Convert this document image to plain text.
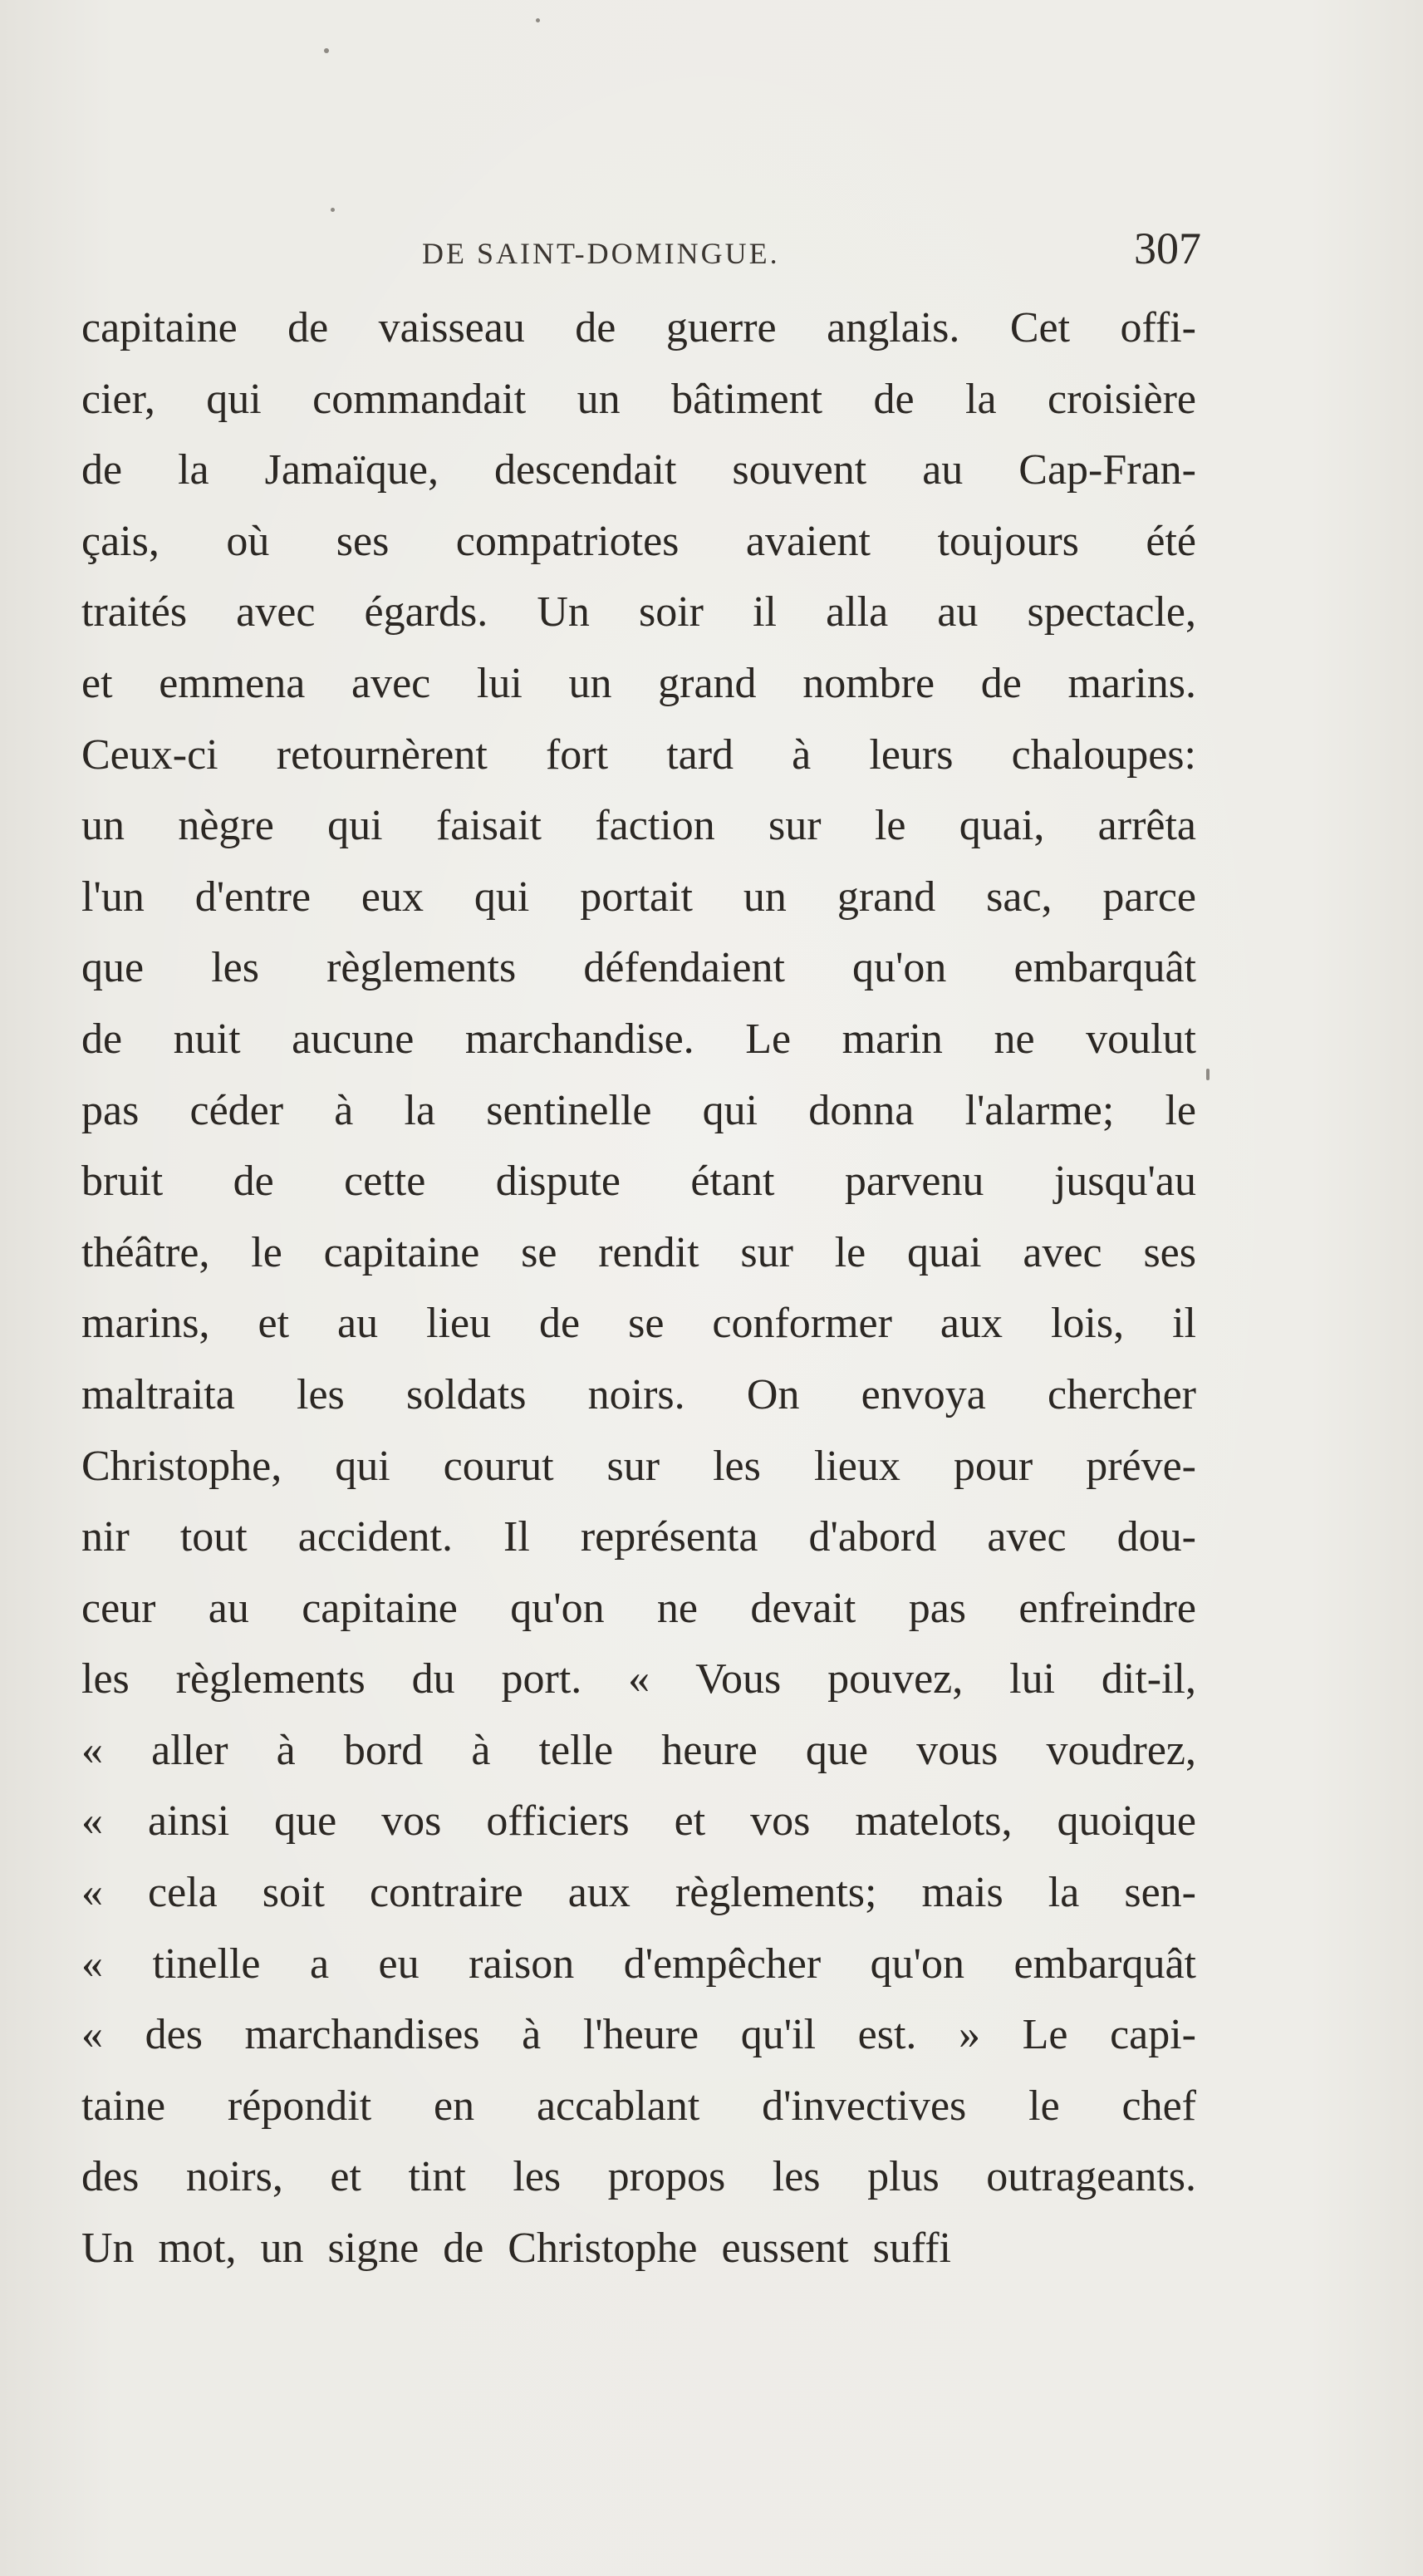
DE SAINT-DOMINGUE.	307
capitaine de vaisseau de guerre anglais. Cet offi-
cier, qui commandait un bâtiment de la croisière
de la Jamaïque, descendait souvent au Cap-Fran-
çais, où ses compatriotes avaient toujours été
traités avec égards. Un soir il alla au spectacle,
et emmena avec lui un grand nombre de marins.
Ceux-ci retournèrent fort tard à leurs chaloupes:
un nègre qui faisait faction sur le quai, arrêta
l'un d'entre eux qui portait un grand sac, parce
que les règlements défendaient qu'on embarquât
de nuit aucune marchandise. Le marin ne voulut
pas céder à la sentinelle qui donna l'alarme; le
bruit de cette dispute étant parvenu jusqu'au
théâtre, le capitaine se rendit sur le quai avec ses
marins, et au lieu de se conformer aux lois, il
maltraita les soldats noirs. On envoya chercher
Christophe, qui courut sur les lieux pour préve-
nir tout accident. Il représenta d'abord avec dou-
ceur au capitaine qu'on ne devait pas enfreindre
les règlements du port. « Vous pouvez, lui dit-il,
« aller à bord à telle heure que vous voudrez,
« ainsi que vos officiers et vos matelots, quoique
« cela soit contraire aux règlements; mais la sen-
« tinelle a eu raison d'empêcher qu'on embarquât
« des marchandises à l'heure qu'il est. » Le capi-
taine répondit en accablant d'invectives le chef
des noirs, et tint les propos les plus outrageants.
Un mot, un signe de Christophe eussent suffi
